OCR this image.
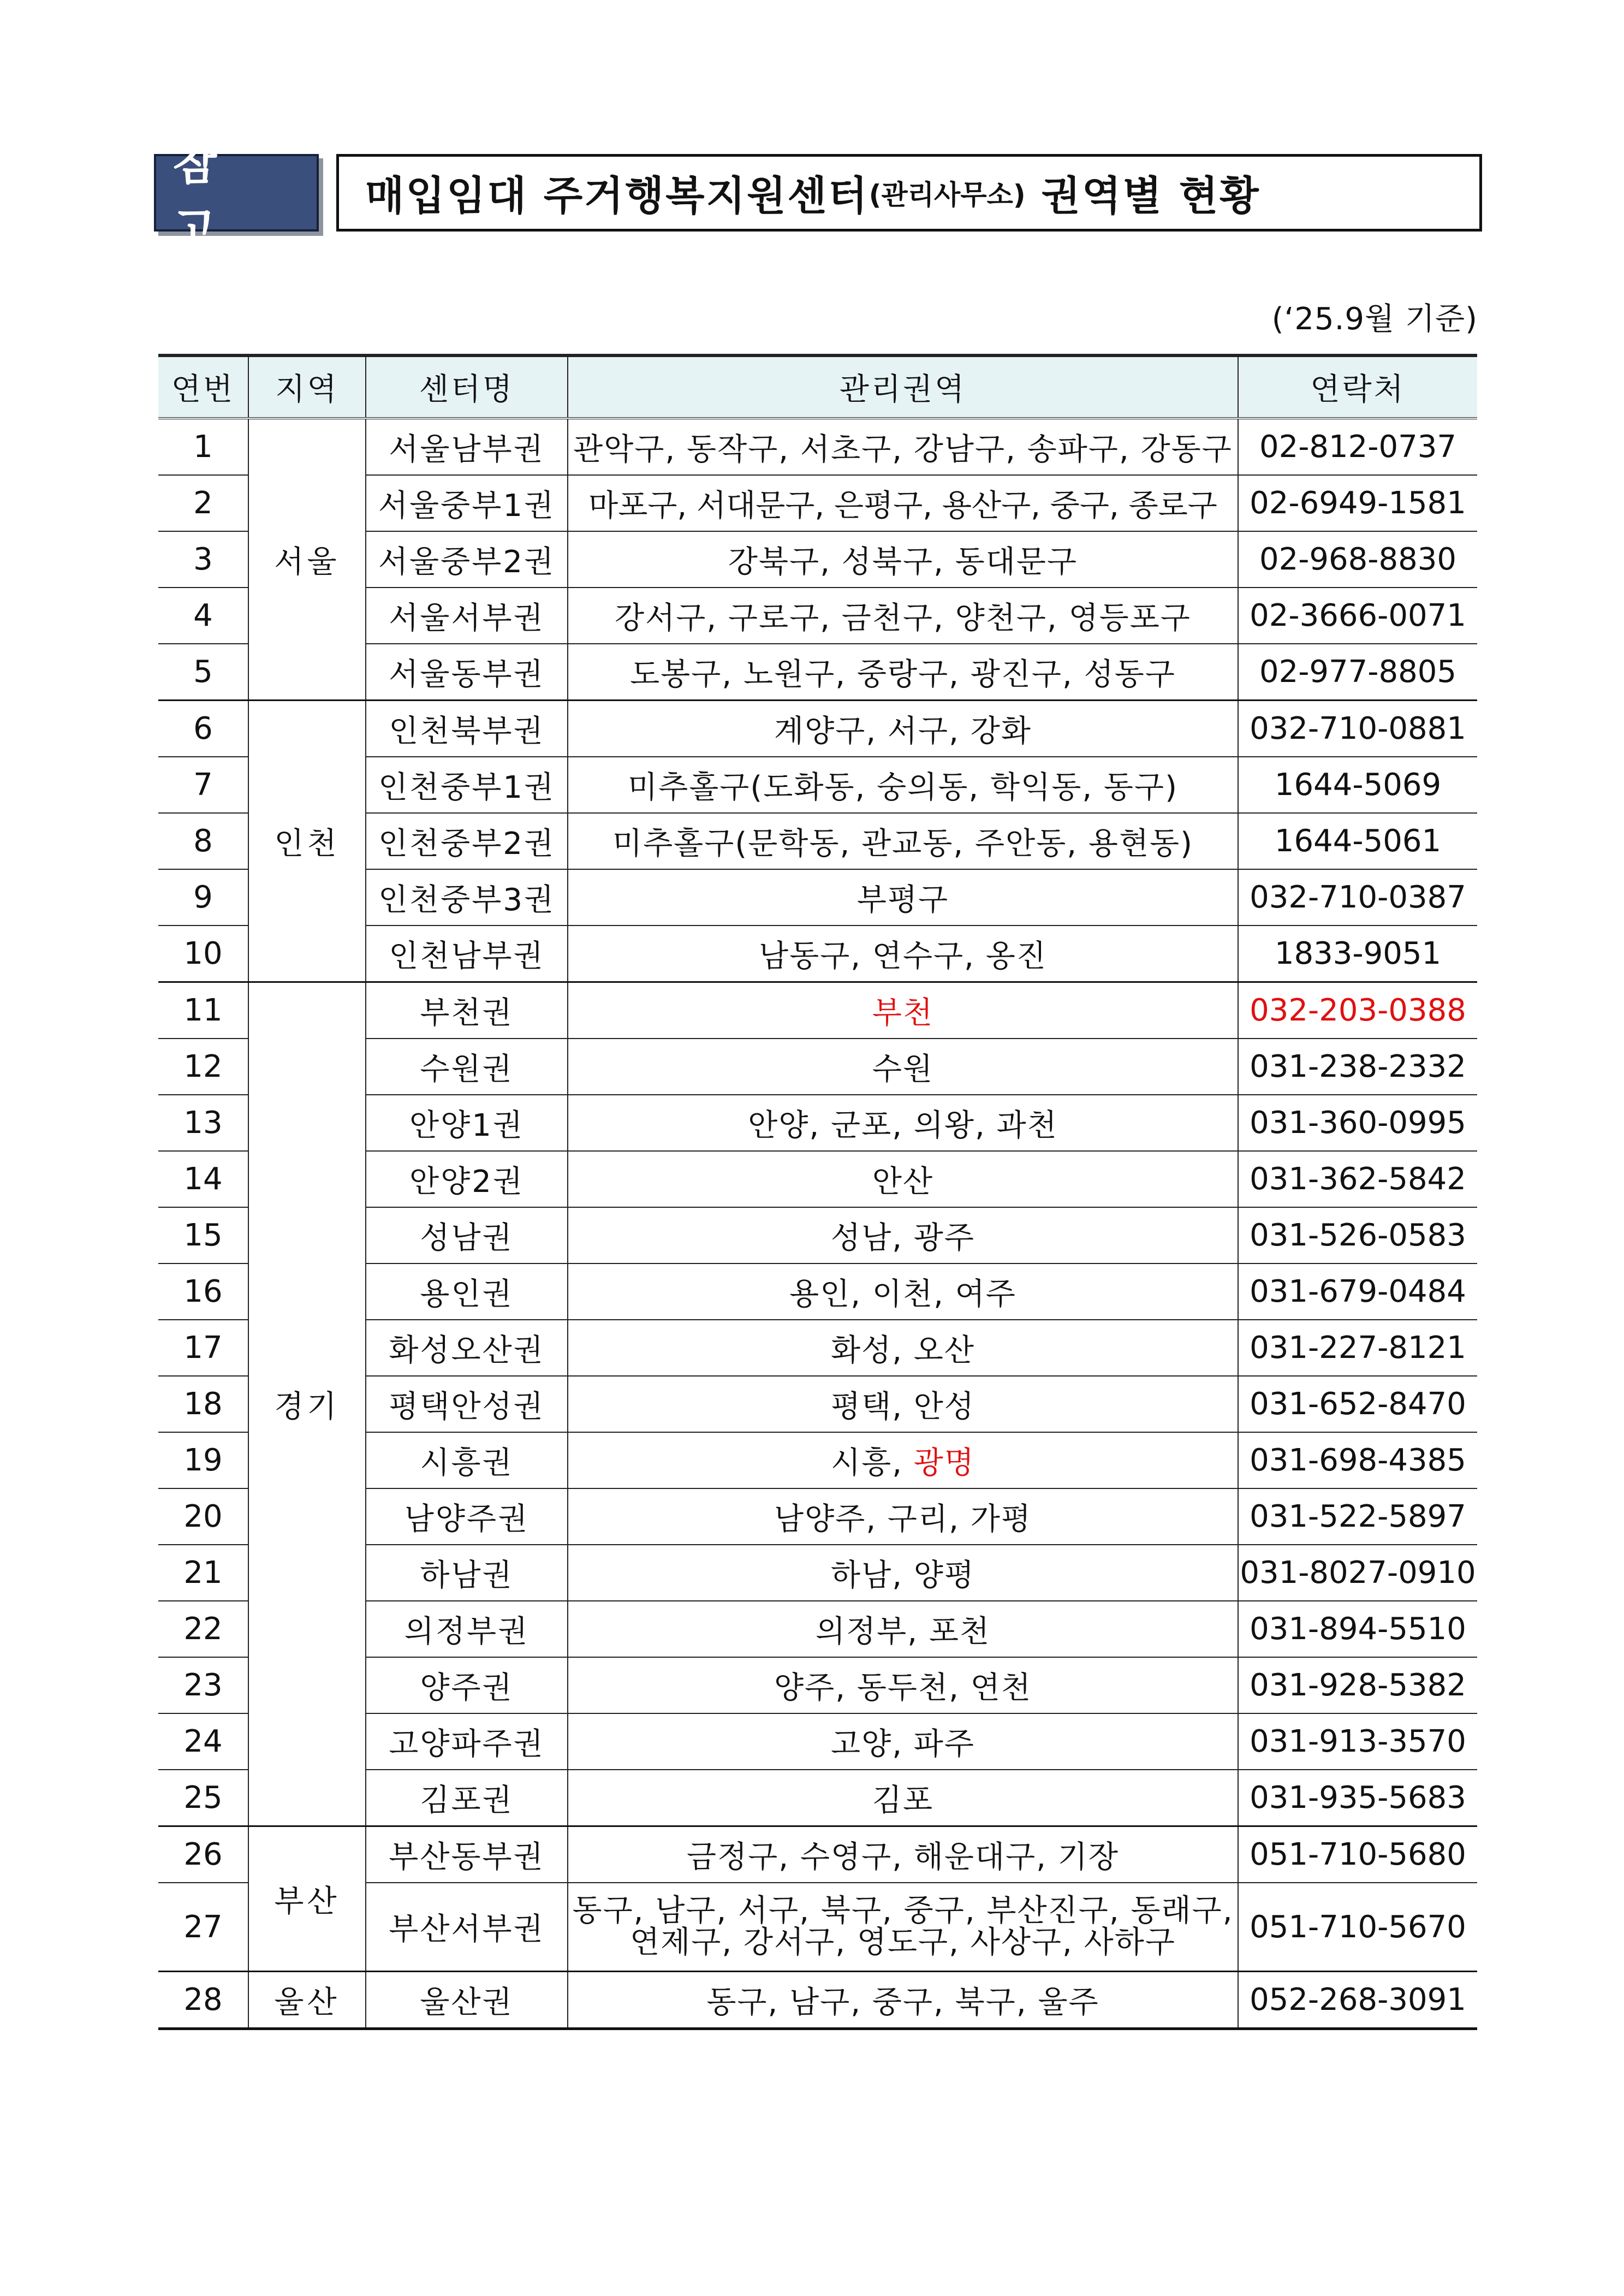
참 고
매입임대 주거행복지원센터 (관리사무소)
권역별 현황
(‘25.9월 기준)
연번	지역	센터명	관리권역	연락처
1	서울	서울남부권	관악구, 동작구, 서초구, 강남구, 송파구, 강동구	02-812-0737
2		서울중부1권	마포구, 서대문구, 은평구, 용산구, 중구, 종로구	02-6949-1581
3		서울중부2권	강북구, 성북구, 동대문구	02-968-8830
4		서울서부권	강서구, 구로구, 금천구, 양천구, 영등포구	02-3666-0071
5		서울동부권	도봉구, 노원구, 중랑구, 광진구, 성동구	02-977-8805
6	인천	인천북부권	계양구, 서구, 강화	032-710-0881
7		인천중부1권	미추홀구(도화동, 숭의동, 학익동, 동구)	1644-5069
8		인천중부2권	미추홀구(문학동, 관교동, 주안동, 용현동)	1644-5061
9		인천중부3권	부평구	032-710-0387
10		인천남부권	남동구, 연수구, 옹진	1833-9051
11	경기	부천권	부천	032-203-0388
12		수원권	수원	031-238-2332
13		안양1권	안양, 군포, 의왕, 과천	031-360-0995
14		안양2권	안산	031-362-5842
15		성남권	성남, 광주	031-526-0583
16		용인권	용인, 이천, 여주	031-679-0484
17		화성오산권	화성, 오산	031-227-8121
18		평택안성권	평택, 안성	031-652-8470
19		시흥권	시흥, 광명	031-698-4385
20		남양주권	남양주, 구리, 가평	031-522-5897
21		하남권	하남, 양평	031-8027-0910
22		의정부권	의정부, 포천	031-894-5510
23		양주권	양주, 동두천, 연천	031-928-5382
24		고양파주권	고양, 파주	031-913-3570
25		김포권	김포	031-935-5683
26	부산	부산동부권	금정구, 수영구, 해운대구, 기장	051-710-5680
27		부산서부권	동구, 남구, 서구, 북구, 중구, 부산진구, 동래구, 연제구, 강서구, 영도구, 사상구, 사하구	051-710-5670
28	울산	울산권	동구, 남구, 중구, 북구, 울주	052-268-3091
